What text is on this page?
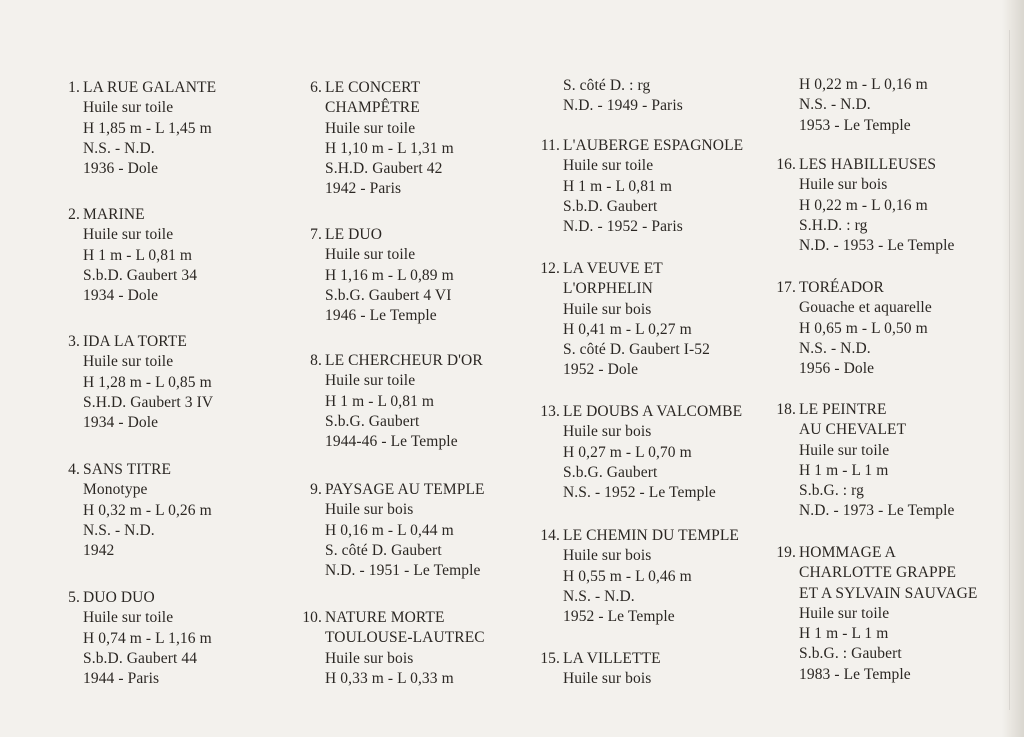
1. LA RUE GALANTE
Huile sur toile
H 1,85 m - L 1,45 m
N.S. - N.D.
1936 - Dole
2. MARINE
Huile sur toile
H 1 m - L 0,81 m
S.b.D. Gaubert 34
1934 - Dole
3. IDA LA TORTE
Huile sur toile
H 1,28 m - L 0,85 m
S.H.D. Gaubert 3 IV
1934 - Dole
4. SANS TITRE
Monotype
H 0,32 m - L 0,26 m
N.S. - N.D.
1942
5. DUO DUO
Huile sur toile
H 0,74 m - L 1,16 m
S.b.D. Gaubert 44
1944 - Paris
6. LE CONCERT
CHAMPÊTRE
Huile sur toile
H 1,10 m - L 1,31 m
S.H.D. Gaubert 42
1942 - Paris
7. LE DUO
Huile sur toile
H 1,16 m - L 0,89 m
S.b.G. Gaubert 4 VI
1946 - Le Temple
8. LE CHERCHEUR D'OR
Huile sur toile
H 1 m - L 0,81 m
S.b.G. Gaubert
1944-46 - Le Temple
9. PAYSAGE AU TEMPLE
Huile sur bois
H 0,16 m - L 0,44 m
S. côté D. Gaubert
N.D. - 1951 - Le Temple
10. NATURE MORTE
TOULOUSE-LAUTREC
Huile sur bois
H 0,33 m - L 0,33 m
S. côté D. : rg
N.D. - 1949 - Paris
11. L'AUBERGE ESPAGNOLE
Huile sur toile
H 1 m - L 0,81 m
S.b.D. Gaubert
N.D. - 1952 - Paris
12. LA VEUVE ET
L'ORPHELIN
Huile sur bois
H 0,41 m - L 0,27 m
S. côté D. Gaubert I-52
1952 - Dole
13. LE DOUBS A VALCOMBE
Huile sur bois
H 0,27 m - L 0,70 m
S.b.G. Gaubert
N.S. - 1952 - Le Temple
14. LE CHEMIN DU TEMPLE
Huile sur bois
H 0,55 m - L 0,46 m
N.S. - N.D.
1952 - Le Temple
15. LA VILLETTE
Huile sur bois
H 0,22 m - L 0,16 m
N.S. - N.D.
1953 - Le Temple
16. LES HABILLEUSES
Huile sur bois
H 0,22 m - L 0,16 m
S.H.D. : rg
N.D. - 1953 - Le Temple
17. TORÉADOR
Gouache et aquarelle
H 0,65 m - L 0,50 m
N.S. - N.D.
1956 - Dole
18. LE PEINTRE
AU CHEVALET
Huile sur toile
H 1 m - L 1 m
S.b.G. : rg
N.D. - 1973 - Le Temple
19. HOMMAGE A
CHARLOTTE GRAPPE
ET A SYLVAIN SAUVAGE
Huile sur toile
H 1 m - L 1 m
S.b.G. : Gaubert
1983 - Le Temple
